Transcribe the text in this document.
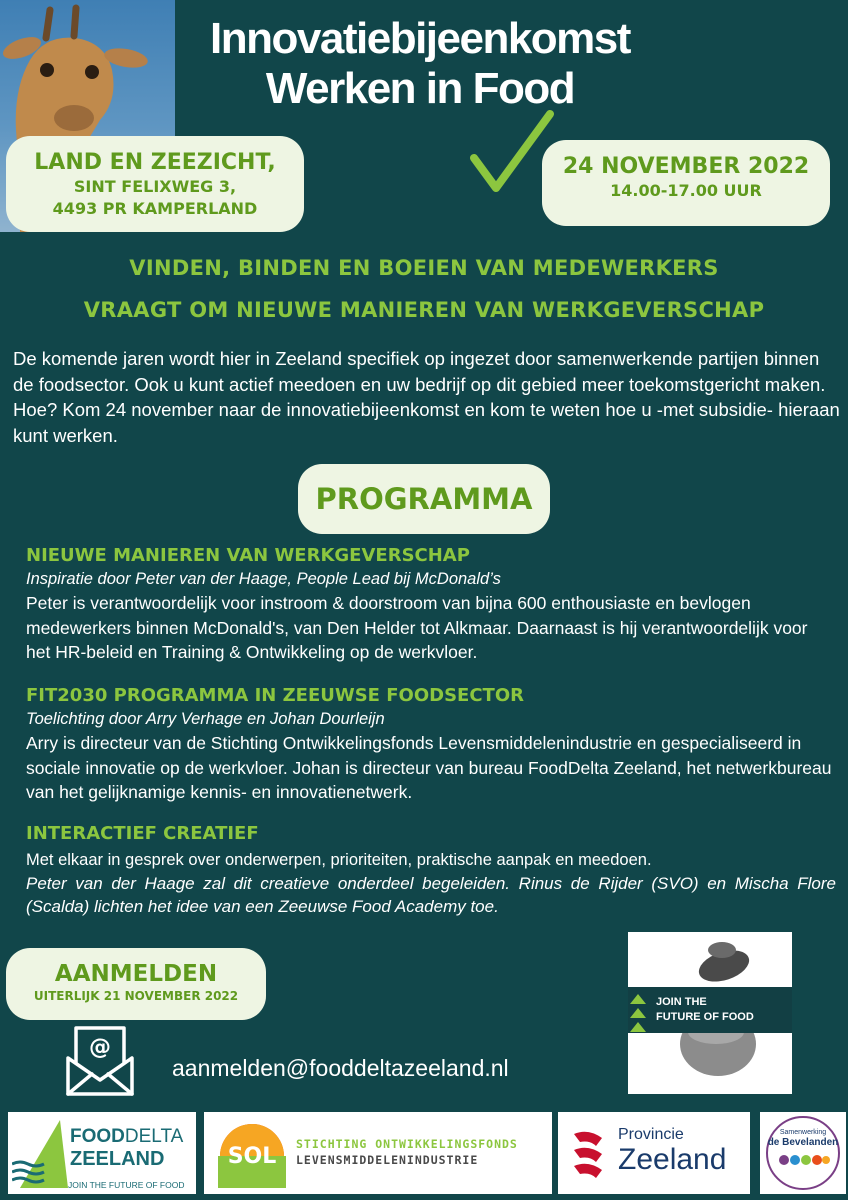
Innovatiebijeenkomst
Werken in Food
LAND EN ZEEZICHT,
SINT FELIXWEG 3,
4493 PR KAMPERLAND
24 NOVEMBER 2022
14.00-17.00 UUR
VINDEN, BINDEN EN BOEIEN VAN MEDEWERKERS
VRAAGT OM NIEUWE MANIEREN VAN WERKGEVERSCHAP
De komende jaren wordt hier in Zeeland specifiek op ingezet door samenwerkende partijen binnen de foodsector. Ook u kunt actief meedoen en uw bedrijf op dit gebied meer toekomstgericht maken. Hoe? Kom 24 november naar de innovatiebijeenkomst en kom te weten hoe u -met subsidie- hieraan kunt werken.
PROGRAMMA
NIEUWE MANIEREN VAN WERKGEVERSCHAP
Inspiratie door Peter van der Haage, People Lead bij McDonald’s
Peter is verantwoordelijk voor instroom & doorstroom van bijna 600 enthousiaste en bevlogen medewerkers binnen McDonald's, van Den Helder tot Alkmaar. Daarnaast is hij verantwoordelijk voor het HR-beleid en Training & Ontwikkeling op de werkvloer.
FIT2030 PROGRAMMA IN ZEEUWSE FOODSECTOR
Toelichting door Arry Verhage en Johan Dourleijn
Arry is directeur van de Stichting Ontwikkelingsfonds Levensmiddelenindustrie en gespecialiseerd in sociale innovatie op de werkvloer. Johan is directeur van bureau FoodDelta Zeeland, het netwerkbureau van het gelijknamige kennis- en innovatienetwerk.
INTERACTIEF CREATIEF
Met elkaar in gesprek over onderwerpen, prioriteiten, praktische aanpak en meedoen.
Peter van der Haage zal dit creatieve onderdeel begeleiden. Rinus de Rijder (SVO) en Mischa Flore (Scalda) lichten het idee van een Zeeuwse Food Academy toe.
AANMELDEN
UITERLIJK 21 NOVEMBER 2022
@
aanmelden@fooddeltazeeland.nl
JOIN THE
FUTURE OF FOOD
FOODDELTA
ZEELAND
JOIN THE FUTURE OF FOOD
SOL	STICHTING ONTWIKKELINGSFONDS
LEVENSMIDDELENINDUSTRIE
Provincie
Zeeland
Samenwerking
de Bevelanden
